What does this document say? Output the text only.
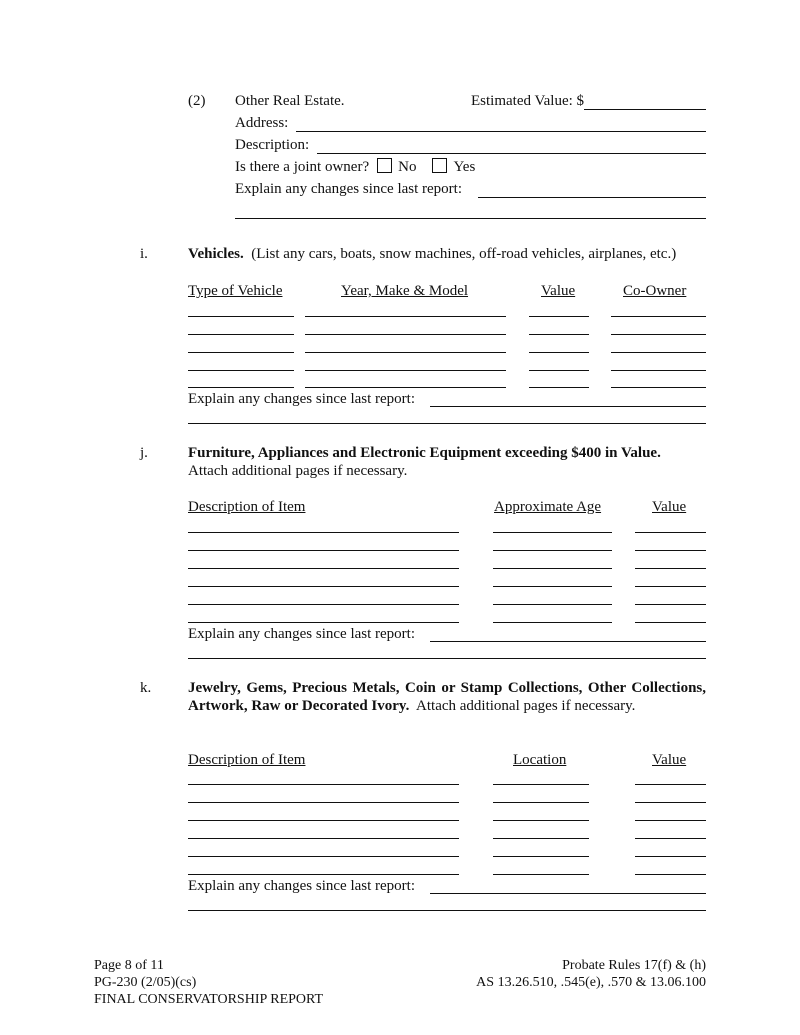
(2) Other Real Estate.	Estimated Value: $
Address:
Description:
Is there a joint owner? No Yes
Explain any changes since last report:
i.	Vehicles. (List any cars, boats, snow machines, off-road vehicles, airplanes, etc.)
Type of Vehicle	Year, Make & Model	Value	Co-Owner
Explain any changes since last report:
j.	Furniture, Appliances and Electronic Equipment exceeding $400 in Value.
Attach additional pages if necessary.
Description of Item	Approximate Age	Value
Explain any changes since last report:
k. Jewelry, Gems, Precious Metals, Coin or Stamp Collections, Other Collections, Artwork, Raw or Decorated Ivory. Attach additional pages if necessary.
Description of Item	Location	Value
Explain any changes since last report:
Page 8 of 11
PG-230 (2/05)(cs)
FINAL CONSERVATORSHIP REPORT
Probate Rules 17(f) & (h)
AS 13.26.510, .545(e), .570 & 13.06.100
